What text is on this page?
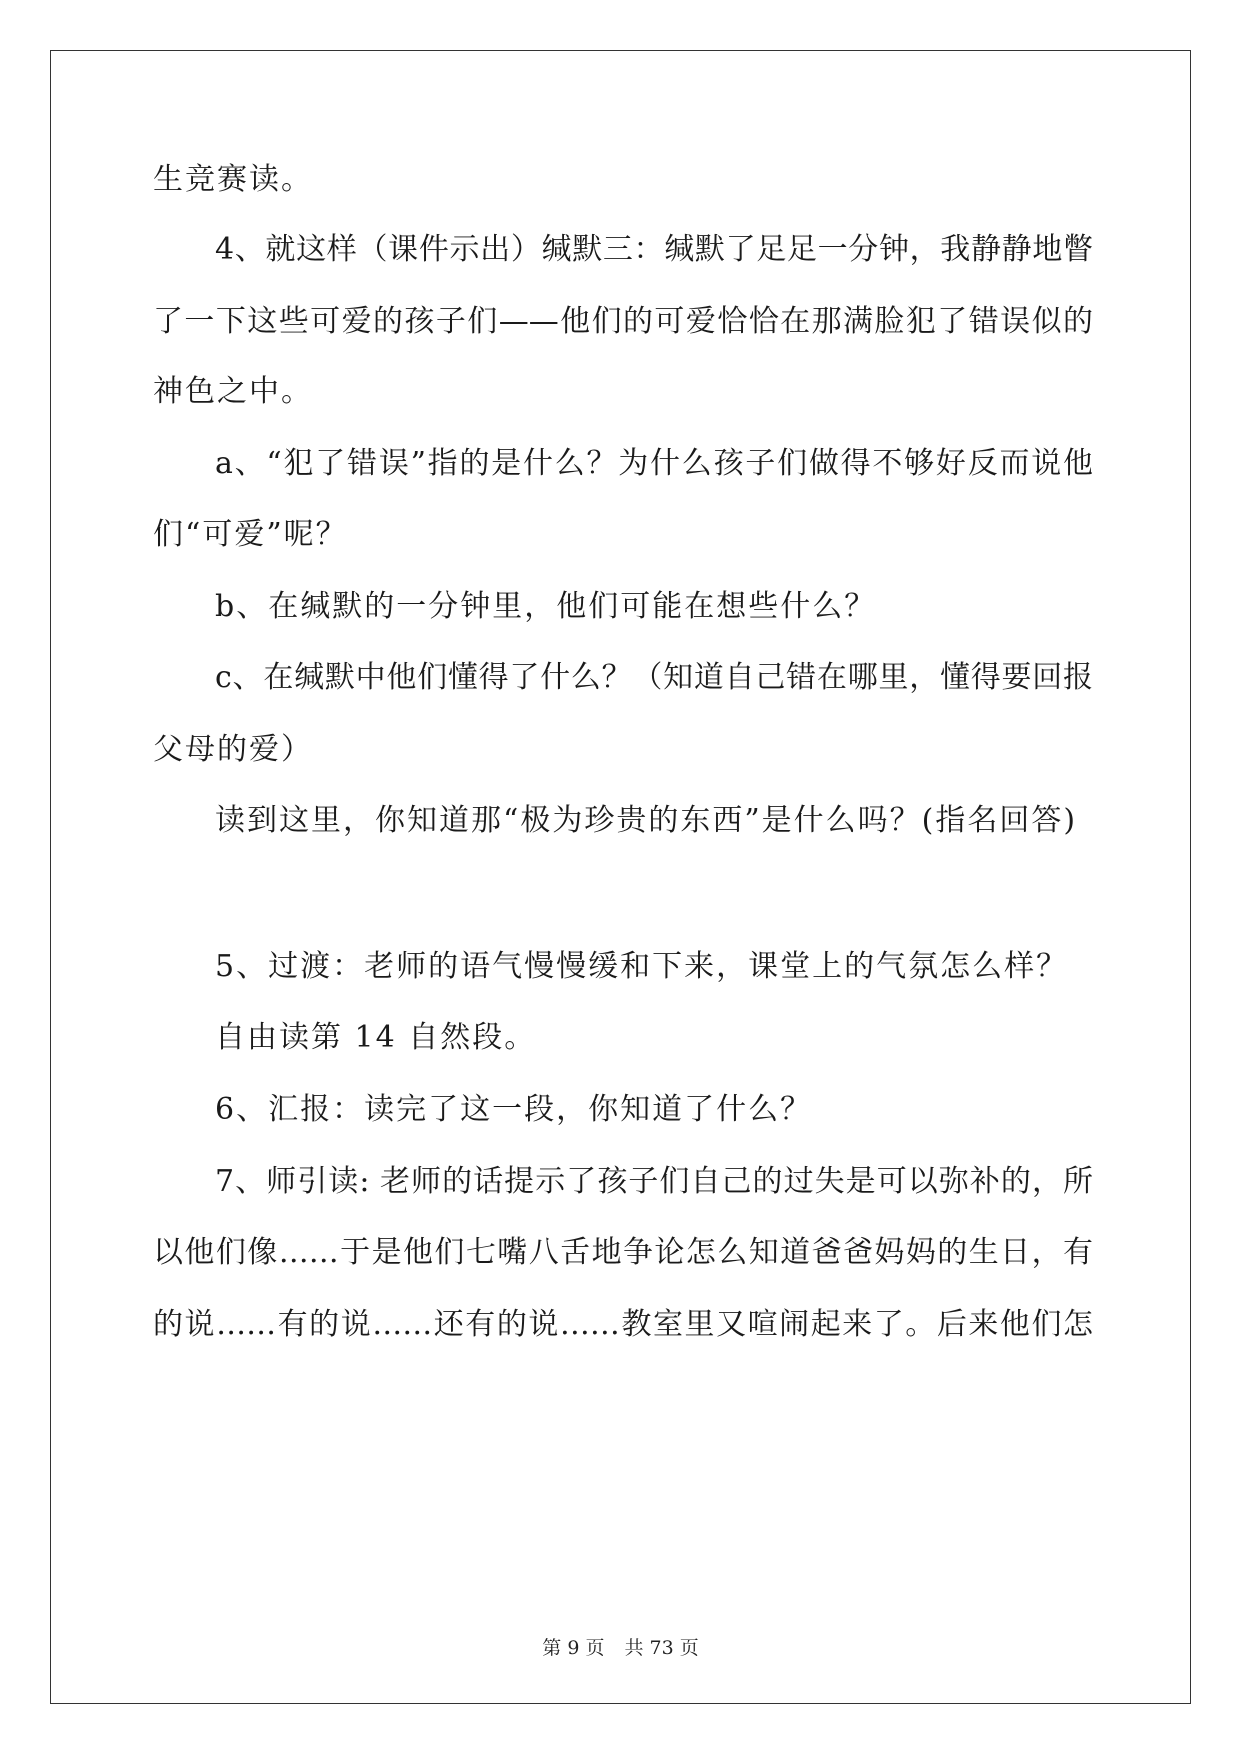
生竞赛读。
4、就这样（课件示出）缄默三：缄默了足足一分钟，我静静地瞥
了一下这些可爱的孩子们——他们的可爱恰恰在那满脸犯了错误似的
神色之中。
a、“犯了错误”指的是什么？为什么孩子们做得不够好反而说他
们“可爱”呢？
b、在缄默的一分钟里，他们可能在想些什么？
c、在缄默中他们懂得了什么？（知道自己错在哪里，懂得要回报
父母的爱）
读到这里，你知道那“极为珍贵的东西”是什么吗？(指名回答)
5、过渡：老师的语气慢慢缓和下来，课堂上的气氛怎么样？
自由读第 14 自然段。
6、汇报：读完了这一段，你知道了什么？
7、师引读: 老师的话提示了孩子们自己的过失是可以弥补的，所
以他们像……于是他们七嘴八舌地争论怎么知道爸爸妈妈的生日，有
的说……有的说……还有的说……教室里又喧闹起来了。后来他们怎
第 9 页 共 73 页
